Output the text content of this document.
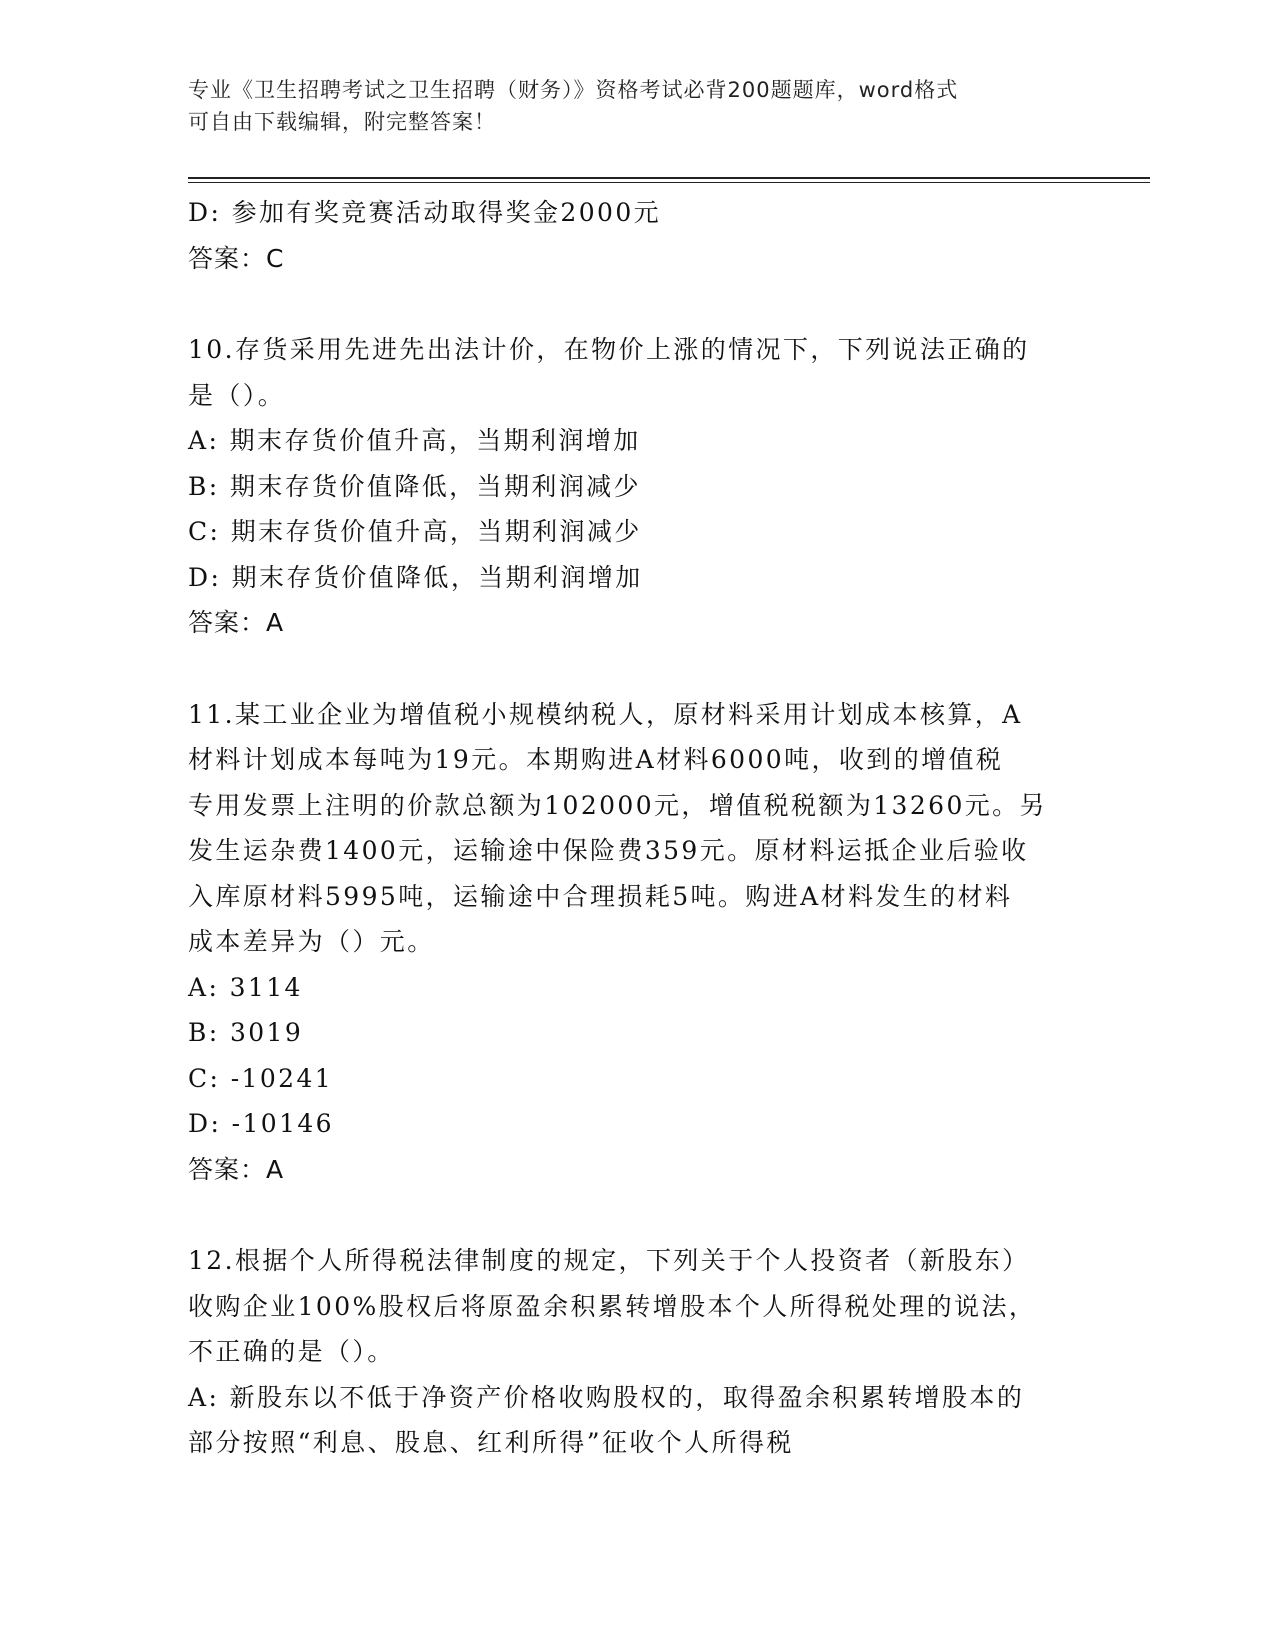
专业《卫生招聘考试之卫生招聘（财务）》资格考试必背200题题库，word格式
可自由下载编辑，附完整答案！
D: 参加有奖竞赛活动取得奖金2000元
答案：C
10.存货采用先进先出法计价，在物价上涨的情况下，下列说法正确的
是（）。
A: 期末存货价值升高，当期利润增加
B: 期末存货价值降低，当期利润减少
C: 期末存货价值升高，当期利润减少
D: 期末存货价值降低，当期利润增加
答案：A
11.某工业企业为增值税小规模纳税人，原材料采用计划成本核算，A
材料计划成本每吨为19元。本期购进A材料6000吨，收到的增值税
专用发票上注明的价款总额为102000元，增值税税额为13260元。另
发生运杂费1400元，运输途中保险费359元。原材料运抵企业后验收
入库原材料5995吨，运输途中合理损耗5吨。购进A材料发生的材料
成本差异为（）元。
A: 3114
B: 3019
C: -10241
D: -10146
答案：A
12.根据个人所得税法律制度的规定，下列关于个人投资者（新股东）
收购企业100%股权后将原盈余积累转增股本个人所得税处理的说法，
不正确的是（）。
A: 新股东以不低于净资产价格收购股权的，取得盈余积累转增股本的
部分按照“利息、股息、红利所得”征收个人所得税
